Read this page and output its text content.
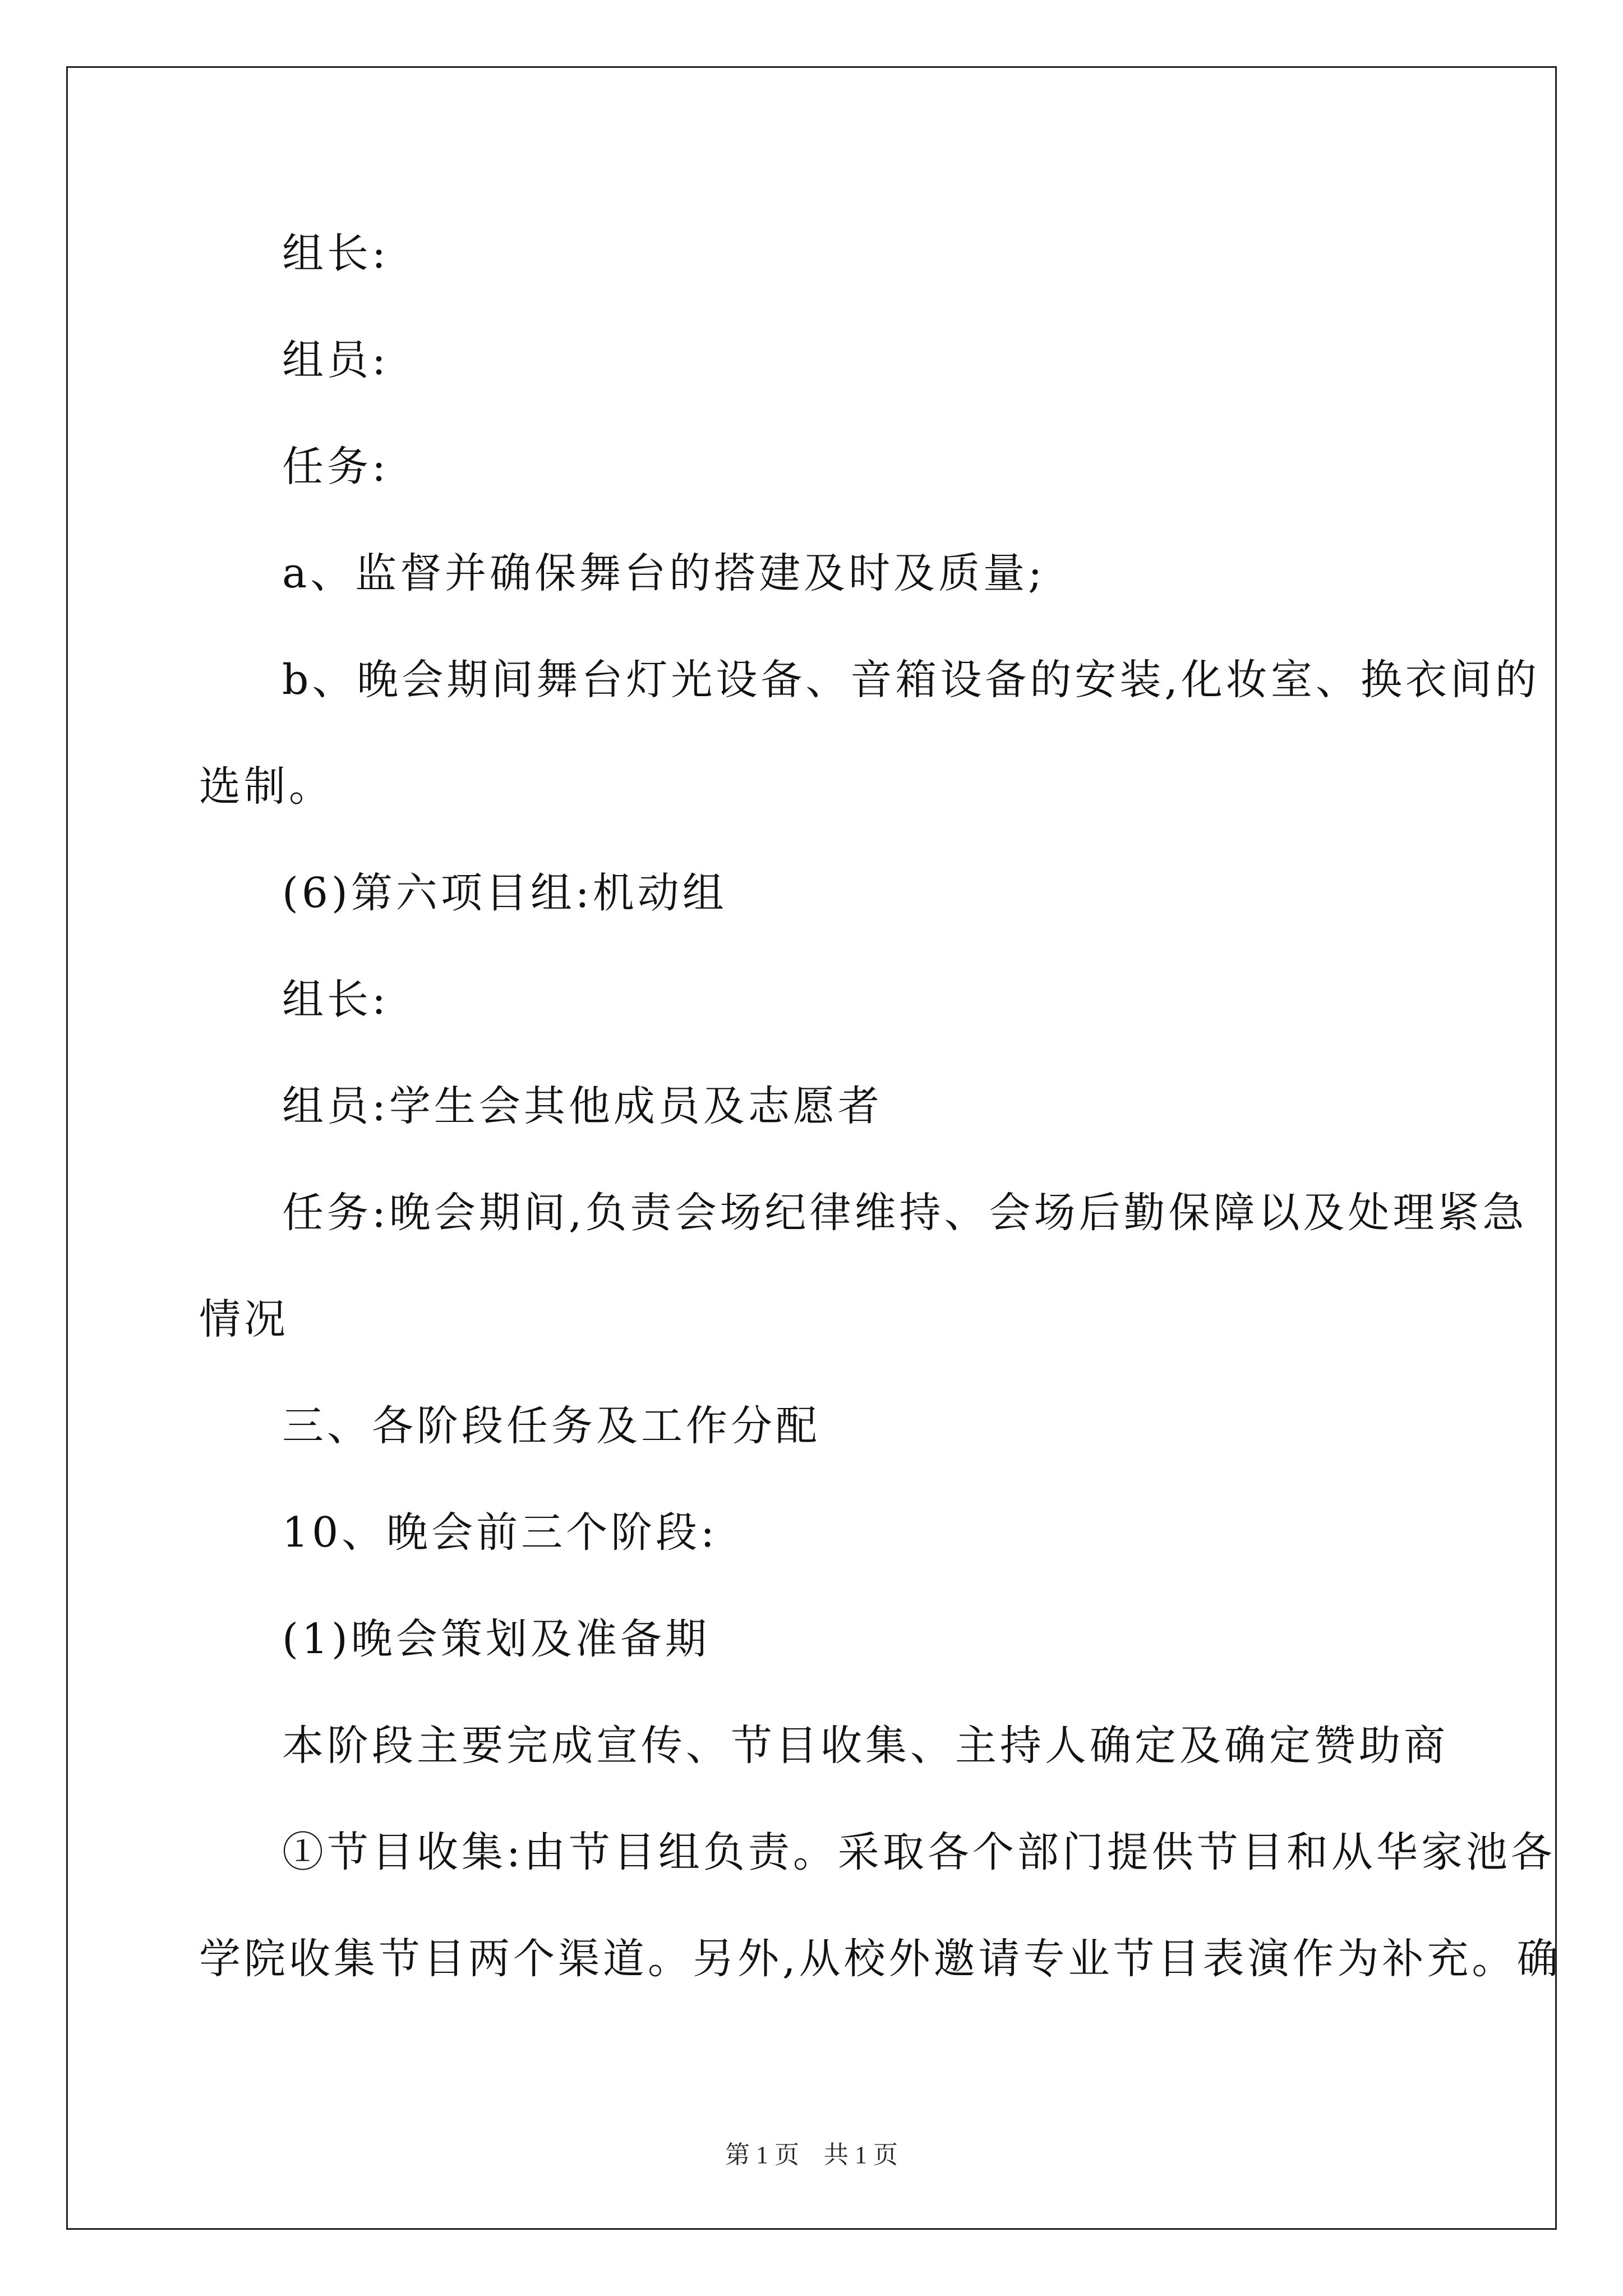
组长:
组员:
任务:
a、监督并确保舞台的搭建及时及质量;
b、晚会期间舞台灯光设备、音箱设备的安装,化妆室、换衣间的
选制。
(6)第六项目组:机动组
组长:
组员:学生会其他成员及志愿者
任务:晚会期间,负责会场纪律维持、会场后勤保障以及处理紧急
情况
三、各阶段任务及工作分配
10、晚会前三个阶段:
(1)晚会策划及准备期
本阶段主要完成宣传、节目收集、主持人确定及确定赞助商
①节目收集:由节目组负责。采取各个部门提供节目和从华家池各
学院收集节目两个渠道。另外,从校外邀请专业节目表演作为补充。确
第 1 页    共 1 页
